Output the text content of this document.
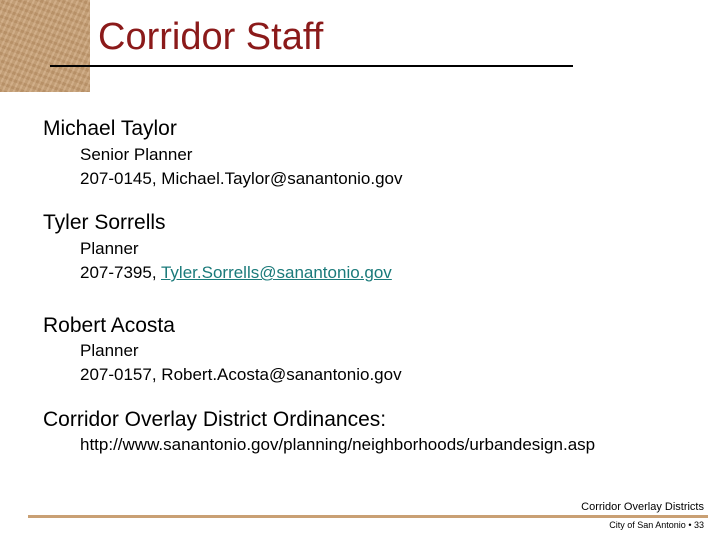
Corridor Staff
Michael Taylor
Senior Planner
207-0145, Michael.Taylor@sanantonio.gov
Tyler Sorrells
Planner
207-7395, Tyler.Sorrells@sanantonio.gov
Robert Acosta
Planner
207-0157, Robert.Acosta@sanantonio.gov
Corridor Overlay District Ordinances:
http://www.sanantonio.gov/planning/neighborhoods/urbandesign.asp
Corridor Overlay Districts
City of San Antonio • 33
